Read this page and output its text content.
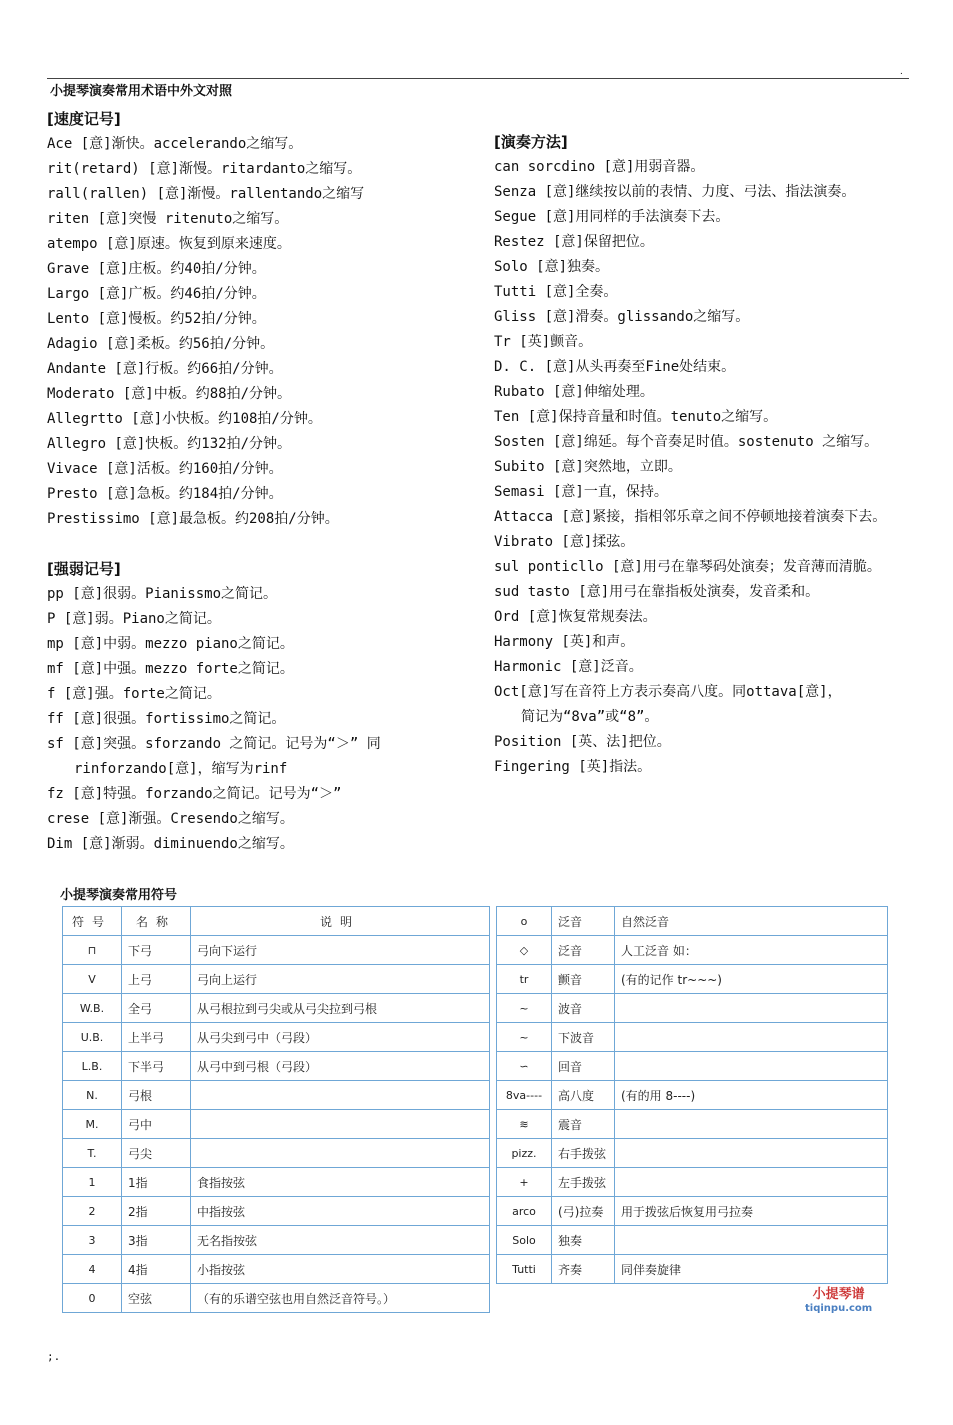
.
小提琴演奏常用术语中外文对照
[速度记号]
Ace [意]渐快。accelerando之缩写。
rit(retard) [意]渐慢。ritardanto之缩写。
rall(rallen) [意]渐慢。rallentando之缩写
riten [意]突慢 ritenuto之缩写。
atempo [意]原速。恢复到原来速度。
Grave [意]庄板。约40拍/分钟。
Largo [意]广板。约46拍/分钟。
Lento [意]慢板。约52拍/分钟。
Adagio [意]柔板。约56拍/分钟。
Andante [意]行板。约66拍/分钟。
Moderato [意]中板。约88拍/分钟。
Allegrtto [意]小快板。约108拍/分钟。
Allegro [意]快板。约132拍/分钟。
Vivace [意]活板。约160拍/分钟。
Presto [意]急板。约184拍/分钟。
Prestissimo [意]最急板。约208拍/分钟。
[强弱记号]
pp [意]很弱。Pianissmo之简记。
P [意]弱。Piano之简记。
mp [意]中弱。mezzo piano之简记。
mf [意]中强。mezzo forte之简记。
f [意]强。forte之简记。
ff [意]很强。fortissimo之简记。
sf [意]突强。sforzando 之简记。记号为“＞” 同
rinforzando[意]，缩写为rinf
fz [意]特强。forzando之简记。记号为“＞”
crese [意]渐强。Cresendo之缩写。
Dim [意]渐弱。diminuendo之缩写。
[演奏方法]
can sorcdino [意]用弱音器。
Senza [意]继续按以前的表情、力度、弓法、指法演奏。
Segue [意]用同样的手法演奏下去。
Restez [意]保留把位。
Solo [意]独奏。
Tutti [意]全奏。
Gliss [意]滑奏。glissando之缩写。
Tr [英]颤音。
D. C. [意]从头再奏至Fine处结束。
Rubato [意]伸缩处理。
Ten [意]保持音量和时值。tenuto之缩写。
Sosten [意]绵延。每个音奏足时值。sostenuto 之缩写。
Subito [意]突然地，立即。
Semasi [意]一直，保持。
Attacca [意]紧接，指相邻乐章之间不停顿地接着演奏下去。
Vibrato [意]揉弦。
sul ponticllo [意]用弓在靠琴码处演奏；发音薄而清脆。
sud tasto [意]用弓在靠指板处演奏，发音柔和。
Ord [意]恢复常规奏法。
Harmony [英]和声。
Harmonic [意]泛音。
Oct[意]写在音符上方表示奏高八度。同ottava[意]，
简记为“8va”或“8”。
Position [英、法]把位。
Fingering [英]指法。
小提琴演奏常用符号
符号	名称	说明
⊓	下弓	弓向下运行
V	上弓	弓向上运行
W.B.	全弓	从弓根拉到弓尖或从弓尖拉到弓根
U.B.	上半弓	从弓尖到弓中（弓段）
L.B.	下半弓	从弓中到弓根（弓段）
N.	弓根	
M.	弓中	
T.	弓尖	
1	1指	食指按弦
2	2指	中指按弦
3	3指	无名指按弦
4	4指	小指按弦
0	空弦	（有的乐谱空弦也用自然泛音符号。）
o	泛音	自然泛音
◇	泛音	人工泛音 如：
tr	颤音	(有的记作 tr~~~)
~	波音	
~	下波音	
∽	回音	
8va----	高八度	(有的用 8----)
≋	震音	
pizz.	右手拨弦	
+	左手拨弦	
arco	(弓)拉奏	用于拨弦后恢复用弓拉奏
Solo	独奏	
Tutti	齐奏	同伴奏旋律
小提琴谱
tiqinpu.com
;.
